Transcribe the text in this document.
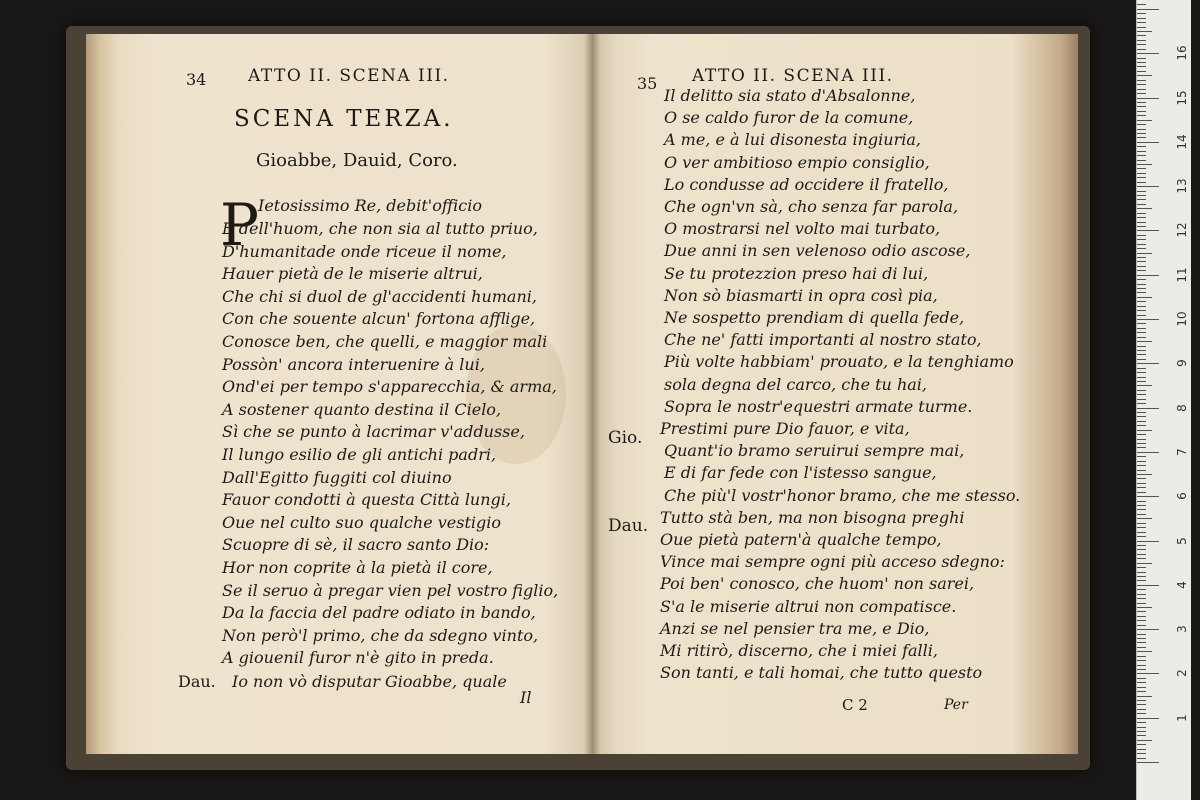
34 ATTO II. SCENA III.
SCENA TERZA.
Gioabbe, Dauid, Coro.
P
Ietosissimo Re, debit'officio
E dell'huom, che non sia al tutto priuo,
D'humanitade onde riceue il nome,
Hauer pietà de le miserie altrui,
Che chi si duol de gl'accidenti humani,
Con che souente alcun' fortona afflige,
Conosce ben, che quelli, e maggior mali
Possòn' ancora interuenire à lui,
Ond'ei per tempo s'apparecchia, & arma,
A sostener quanto destina il Cielo,
Sì che se punto à lacrimar v'addusse,
Il lungo esilio de gli antichi padri,
Dall'Egitto fuggiti col diuino
Fauor condotti à questa Città lungi,
Oue nel culto suo qualche vestigio
Scuopre di sè, il sacro santo Dio:
Hor non coprite à la pietà il core,
Se il seruo à pregar vien pel vostro figlio,
Da la faccia del padre odiato in bando,
Non però'l primo, che da sdegno vinto,
A giouenil furor n'è gito in preda.
Dau. Io non vò disputar Gioabbe, quale
Il
35 ATTO II. SCENA III.
Il delitto sia stato d'Absalonne,
O se caldo furor de la comune,
A me, e à lui disonesta ingiuria,
O ver ambitioso empio consiglio,
Lo condusse ad occidere il fratello,
Che ogn'vn sà, cho senza far parola,
O mostrarsi nel volto mai turbato,
Due anni in sen velenoso odio ascose,
Se tu protezzion preso hai di lui,
Non sò biasmarti in opra così pia,
Ne sospetto prendiam di quella fede,
Che ne' fatti importanti al nostro stato,
Più volte habbiam' prouato, e la tenghiamo
sola degna del carco, che tu hai,
Sopra le nostr'equestri armate turme.
Prestimi pure Dio fauor, e vita,
Quant'io bramo seruirui sempre mai,
E di far fede con l'istesso sangue,
Che più'l vostr'honor bramo, che me stesso.
Tutto stà ben, ma non bisogna preghi
Oue pietà patern'à qualche tempo,
Vince mai sempre ogni più acceso sdegno:
Poi ben' conosco, che huom' non sarei,
S'a le miserie altrui non compatisce.
Anzi se nel pensier tra me, e Dio,
Mi ritirò, discerno, che i miei falli,
Son tanti, e tali homai, che tutto questo
Gio.
Dau.
C 2	Per
1
2
3
4
5
6
7
8
9
10
11
12
13
14
15
16
